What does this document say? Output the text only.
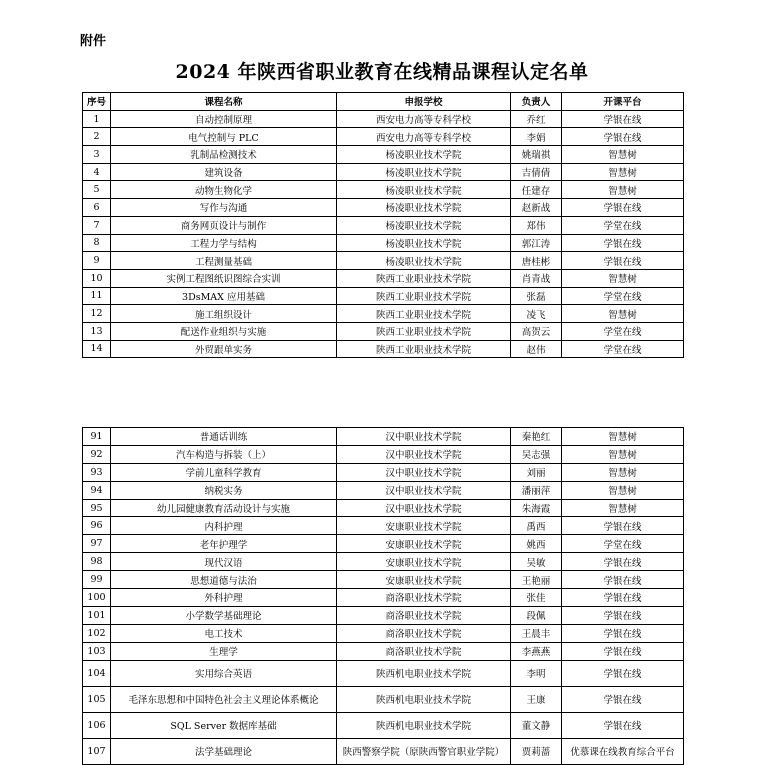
附件
2024 年陕西省职业教育在线精品课程认定名单
序号	课程名称	申报学校	负责人	开课平台
1	自动控制原理	西安电力高等专科学校	乔红	学银在线
2	电气控制与 PLC	西安电力高等专科学校	李娟	学银在线
3	乳制品检测技术	杨凌职业技术学院	姚瑞祺	智慧树
4	建筑设备	杨凌职业技术学院	吉倩倩	智慧树
5	动物生物化学	杨凌职业技术学院	任建存	智慧树
6	写作与沟通	杨凌职业技术学院	赵新战	学银在线
7	商务网页设计与制作	杨凌职业技术学院	郑伟	学堂在线
8	工程力学与结构	杨凌职业技术学院	郭江涛	学银在线
9	工程测量基础	杨凌职业技术学院	唐桂彬	学银在线
10	实例工程图纸识图综合实训	陕西工业职业技术学院	肖青战	智慧树
11	3DsMAX 应用基础	陕西工业职业技术学院	张磊	学堂在线
12	施工组织设计	陕西工业职业技术学院	凌飞	智慧树
13	配送作业组织与实施	陕西工业职业技术学院	高贺云	学堂在线
14	外贸跟单实务	陕西工业职业技术学院	赵伟	学堂在线
91	普通话训练	汉中职业技术学院	秦艳红	智慧树
92	汽车构造与拆装（上）	汉中职业技术学院	吴志强	智慧树
93	学前儿童科学教育	汉中职业技术学院	刘丽	智慧树
94	纳税实务	汉中职业技术学院	潘丽萍	智慧树
95	幼儿园健康教育活动设计与实施	汉中职业技术学院	朱海霞	智慧树
96	内科护理	安康职业技术学院	禹西	学银在线
97	老年护理学	安康职业技术学院	姚西	学堂在线
98	现代汉语	安康职业技术学院	吴敏	学银在线
99	思想道德与法治	安康职业技术学院	王艳丽	学银在线
100	外科护理	商洛职业技术学院	张佳	学银在线
101	小学数学基础理论	商洛职业技术学院	段佩	学银在线
102	电工技术	商洛职业技术学院	王晨丰	学银在线
103	生理学	商洛职业技术学院	李燕燕	学银在线
104	实用综合英语	陕西机电职业技术学院	李明	学银在线
105	毛泽东思想和中国特色社会主义理论体系概论	陕西机电职业技术学院	王康	学银在线
106	SQL Server 数据库基础	陕西机电职业技术学院	董文静	学银在线
107	法学基础理论	陕西警察学院（原陕西警官职业学院）	贾莉蔷	优慕课在线教育综合平台
